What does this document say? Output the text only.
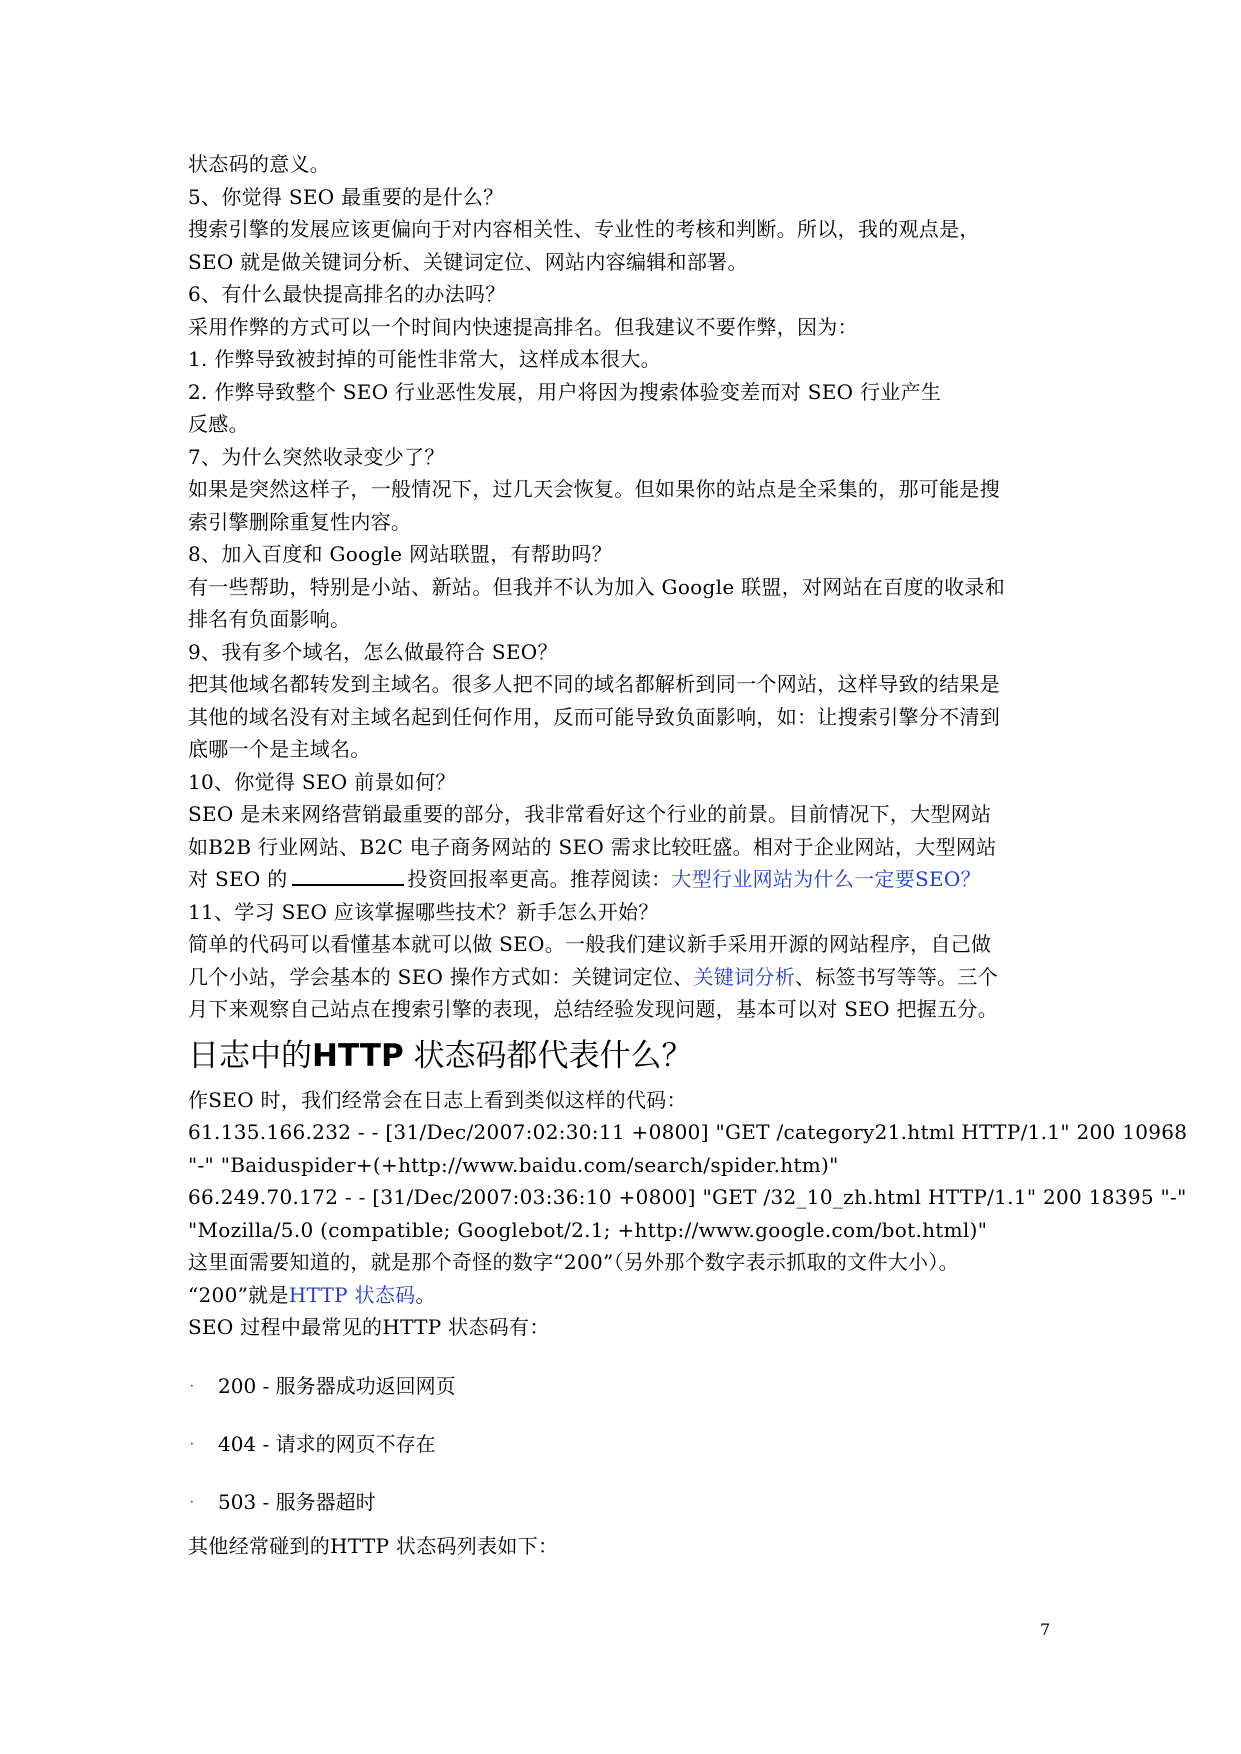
状态码的意义。
5、你觉得 SEO 最重要的是什么？
搜索引擎的发展应该更偏向于对内容相关性、专业性的考核和判断。所以，我的观点是，
SEO 就是做关键词分析、关键词定位、网站内容编辑和部署。
6、有什么最快提高排名的办法吗？
采用作弊的方式可以一个时间内快速提高排名。但我建议不要作弊，因为：
1. 作弊导致被封掉的可能性非常大，这样成本很大。
2. 作弊导致整个 SEO 行业恶性发展，用户将因为搜索体验变差而对 SEO 行业产生
反感。
7、为什么突然收录变少了？
如果是突然这样子，一般情况下，过几天会恢复。但如果你的站点是全采集的，那可能是搜
索引擎删除重复性内容。
8、加入百度和 Google 网站联盟，有帮助吗？
有一些帮助，特别是小站、新站。但我并不认为加入 Google 联盟，对网站在百度的收录和
排名有负面影响。
9、我有多个域名，怎么做最符合 SEO？
把其他域名都转发到主域名。很多人把不同的域名都解析到同一个网站，这样导致的结果是
其他的域名没有对主域名起到任何作用，反而可能导致负面影响，如：让搜索引擎分不清到
底哪一个是主域名。
10、你觉得 SEO 前景如何？
SEO 是未来网络营销最重要的部分，我非常看好这个行业的前景。目前情况下，大型网站
如B2B 行业网站、B2C 电子商务网站的 SEO 需求比较旺盛。相对于企业网站，大型网站
对 SEO 的	投资回报率更高。推荐阅读：大型行业网站为什么一定要SEO？
11、学习 SEO 应该掌握哪些技术？新手怎么开始？
简单的代码可以看懂基本就可以做 SEO。一般我们建议新手采用开源的网站程序，自己做
几个小站，学会基本的 SEO 操作方式如：关键词定位、关键词分析、标签书写等等。三个
月下来观察自己站点在搜索引擎的表现，总结经验发现问题，基本可以对 SEO 把握五分。
日志中的HTTP 状态码都代表什么？
作SEO 时，我们经常会在日志上看到类似这样的代码：
61.135.166.232 - - [31/Dec/2007:02:30:11 +0800] "GET /category21.html HTTP/1.1" 200 10968
"-" "Baiduspider+(+http://www.baidu.com/search/spider.htm)"
66.249.70.172 - - [31/Dec/2007:03:36:10 +0800] "GET /32_10_zh.html HTTP/1.1" 200 18395 "-"
"Mozilla/5.0 (compatible; Googlebot/2.1; +http://www.google.com/bot.html)"
这里面需要知道的，就是那个奇怪的数字“200”（另外那个数字表示抓取的文件大小）。
“200”就是HTTP 状态码。
SEO 过程中最常见的HTTP 状态码有：
· 200 - 服务器成功返回网页
· 404 - 请求的网页不存在
· 503 - 服务器超时
其他经常碰到的HTTP 状态码列表如下：
7
